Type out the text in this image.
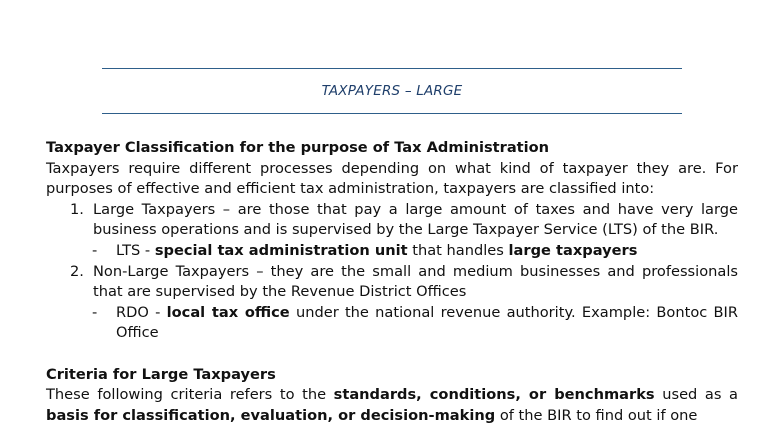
TAXPAYERS – LARGE

Taxpayer Classification for the purpose of Tax Administration

Taxpayers require different processes depending on what kind of taxpayer they are. For purposes of effective and efficient tax administration, taxpayers are classified into:

1. Large Taxpayers – are those that pay a large amount of taxes and have very large business operations and is supervised by the Large Taxpayer Service (LTS) of the BIR.
- LTS - special tax administration unit that handles large taxpayers
2. Non-Large Taxpayers – they are the small and medium businesses and professionals that are supervised by the Revenue District Offices
- RDO - local tax office under the national revenue authority. Example: Bontoc BIR Office

Criteria for Large Taxpayers

These following criteria refers to the standards, conditions, or benchmarks used as a basis for classification, evaluation, or decision-making of the BIR to find out if one
